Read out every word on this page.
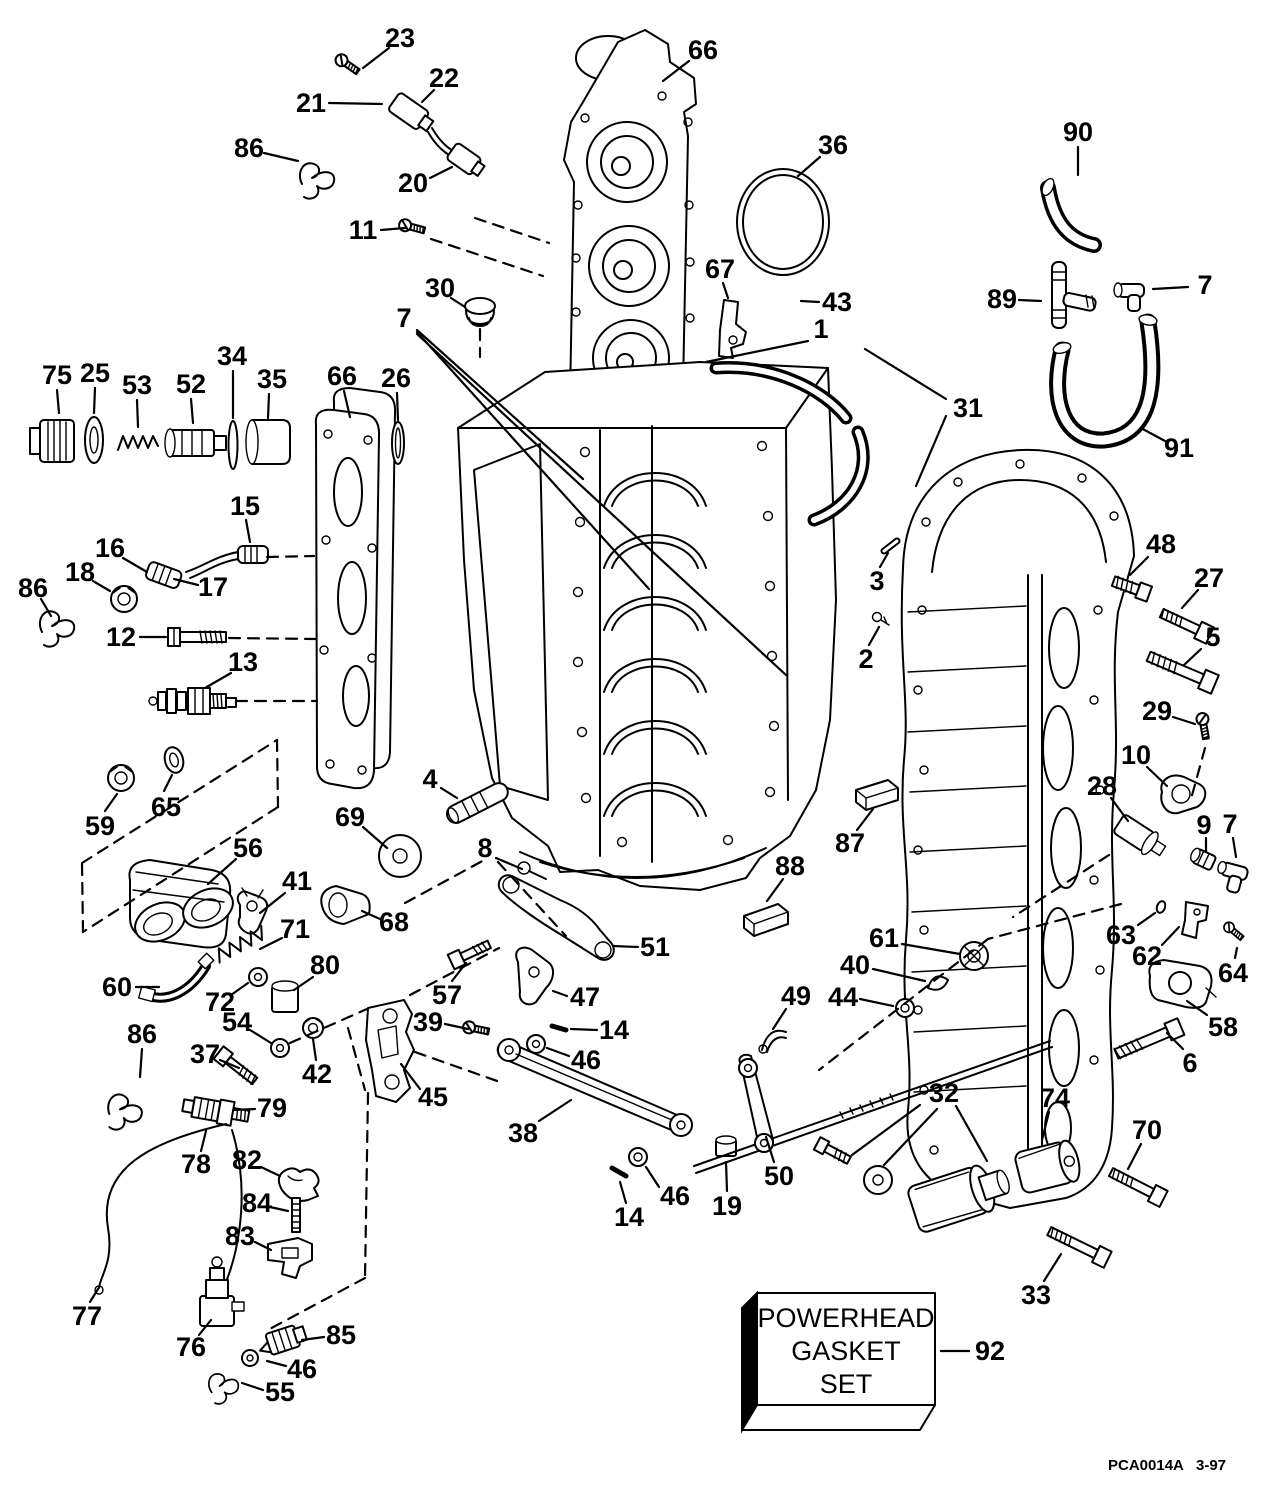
POWERHEAD
GASKET
SET
PCA0014A 3-97
1
2
3
4
5
6
7
7
7
8
9
10
11
12
13
14
14
15
16
17
18
19
20
21
22
23
25	26
27
28
29
30
31
32
33
34
35
36
37
38
39
40
41
42
43
44
45
46
46
46
47
48
49
50
51
52
53
54
55
56
57
58
59
60
61
62
63
64
65
66
66
67
68
69
70
71
72
74
75
76
77
78
79
80
82
83
84
85
86
86
86
87
88
89
90
91
92
